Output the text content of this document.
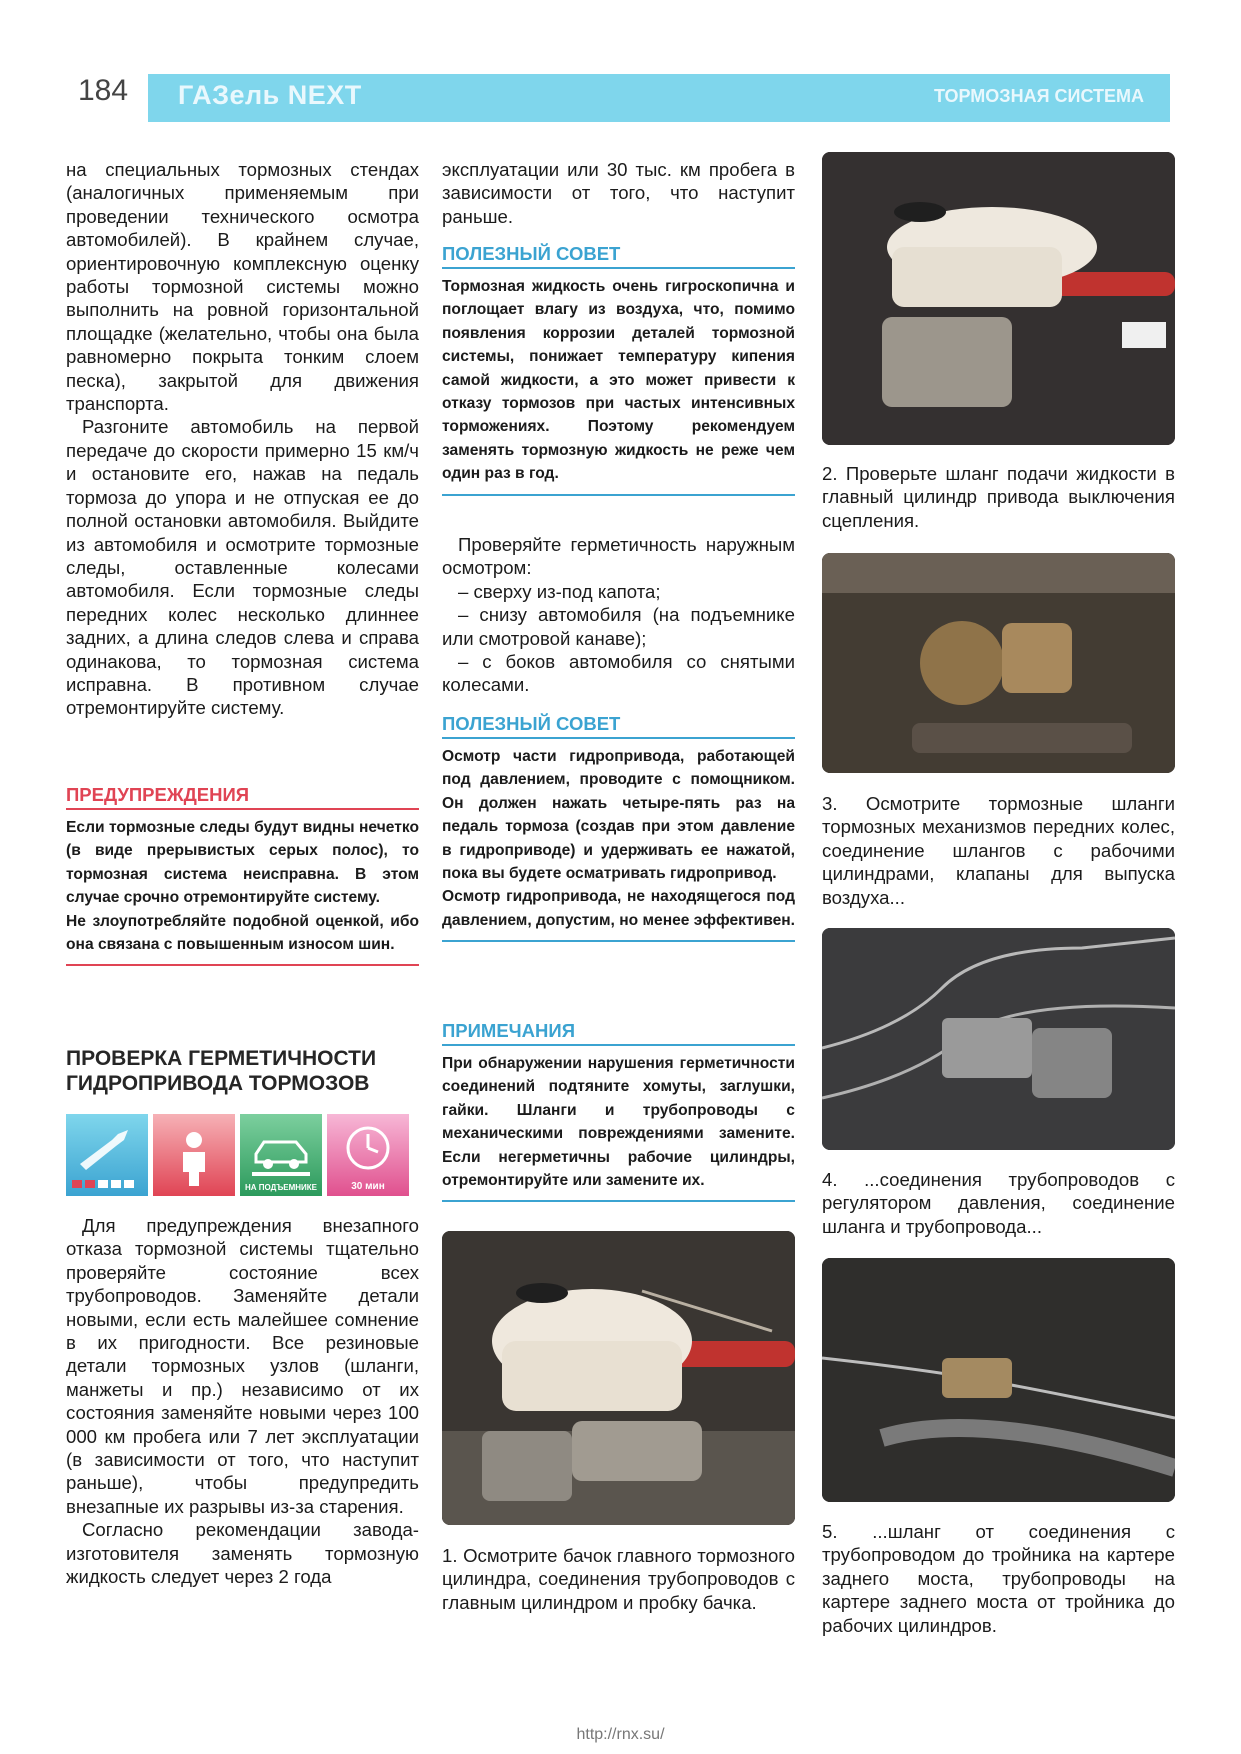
184 ГАЗель NEXT	ТОРМОЗНАЯ СИСТЕМА

на специальных тормозных стендах (аналогичных применяемым при проведении технического осмотра автомобилей). В крайнем случае, ориентировочную комплексную оценку работы тормозной системы можно выполнить на ровной горизонтальной площадке (желательно, чтобы она была равномерно покрыта тонким слоем песка), закрытой для движения транспорта.

Разгоните автомобиль на первой передаче до скорости примерно 15 км/ч и остановите его, нажав на педаль тормоза до упора и не отпуская ее до полной остановки автомобиля. Выйдите из автомобиля и осмотрите тормозные следы, оставленные колесами автомобиля. Если тормозные следы передних колес несколько длиннее задних, а длина следов слева и справа одинакова, то тормозная система исправна. В противном случае отремонтируйте систему.

ПРЕДУПРЕЖДЕНИЯ

Если тормозные следы будут видны нечетко (в виде прерывистых серых полос), то тормозная система неисправна. В этом случае срочно отремонтируйте систему.

Не злоупотребляйте подобной оценкой, ибо она связана с повышенным износом шин.

ПРОВЕРКА ГЕРМЕТИЧНОСТИ
ГИДРОПРИВОДА ТОРМОЗОВ
НА ПОДЪЕМНИКЕ	30 мин

Для предупреждения внезапного отказа тормозной системы тщательно проверяйте состояние всех трубопроводов. Заменяйте детали новыми, если есть малейшее сомнение в их пригодности. Все резиновые детали тормозных узлов (шланги, манжеты и пр.) независимо от их состояния заменяйте новыми через 100 000 км пробега или 7 лет эксплуатации (в зависимости от того, что наступит раньше), чтобы предупредить внезапные их разрывы из-за старения.

Согласно рекомендации завода-изготовителя заменять тормозную жидкость следует через 2 года

эксплуатации или 30 тыс. км пробега в зависимости от того, что наступит раньше.

ПОЛЕЗНЫЙ СОВЕТ

Тормозная жидкость очень гигроскопична и поглощает влагу из воздуха, что, помимо появления коррозии деталей тормозной системы, понижает температуру кипения самой жидкости, а это может привести к отказу тормозов при частых интенсивных торможениях. Поэтому рекомендуем заменять тормозную жидкость не реже чем один раз в год.

Проверяйте герметичность наружным осмотром:

– сверху из-под капота;

– снизу автомобиля (на подъемнике или смотровой канаве);

– с боков автомобиля со снятыми колесами.

ПОЛЕЗНЫЙ СОВЕТ

Осмотр части гидропривода, работающей под давлением, проводите с помощником. Он должен нажать четыре-пять раз на педаль тормоза (создав при этом давление в гидроприводе) и удерживать ее нажатой, пока вы будете осматривать гидропривод.

Осмотр гидропривода, не находящегося под давлением, допустим, но менее эффективен.

ПРИМЕЧАНИЯ

При обнаружении нарушения герметичности соединений подтяните хомуты, заглушки, гайки. Шланги и трубопроводы с механическими повреждениями замените. Если негерметичны рабочие цилиндры, отремонтируйте или замените их.

1. Осмотрите бачок главного тормозного цилиндра, соединения трубопроводов с главным цилиндром и пробку бачка.
2. Проверьте шланг подачи жидкости в главный цилиндр привода выключения сцепления.
3. Осмотрите тормозные шланги тормозных механизмов передних колес, соединение шлангов с рабочими цилиндрами, клапаны для выпуска воздуха...
4. ...соединения трубопроводов с регулятором давления, соединение шланга и трубопровода...
5. ...шланг от соединения с трубопроводом до тройника на картере заднего моста, трубопроводы на картере заднего моста от тройника до рабочих цилиндров.
http://rnx.su/
